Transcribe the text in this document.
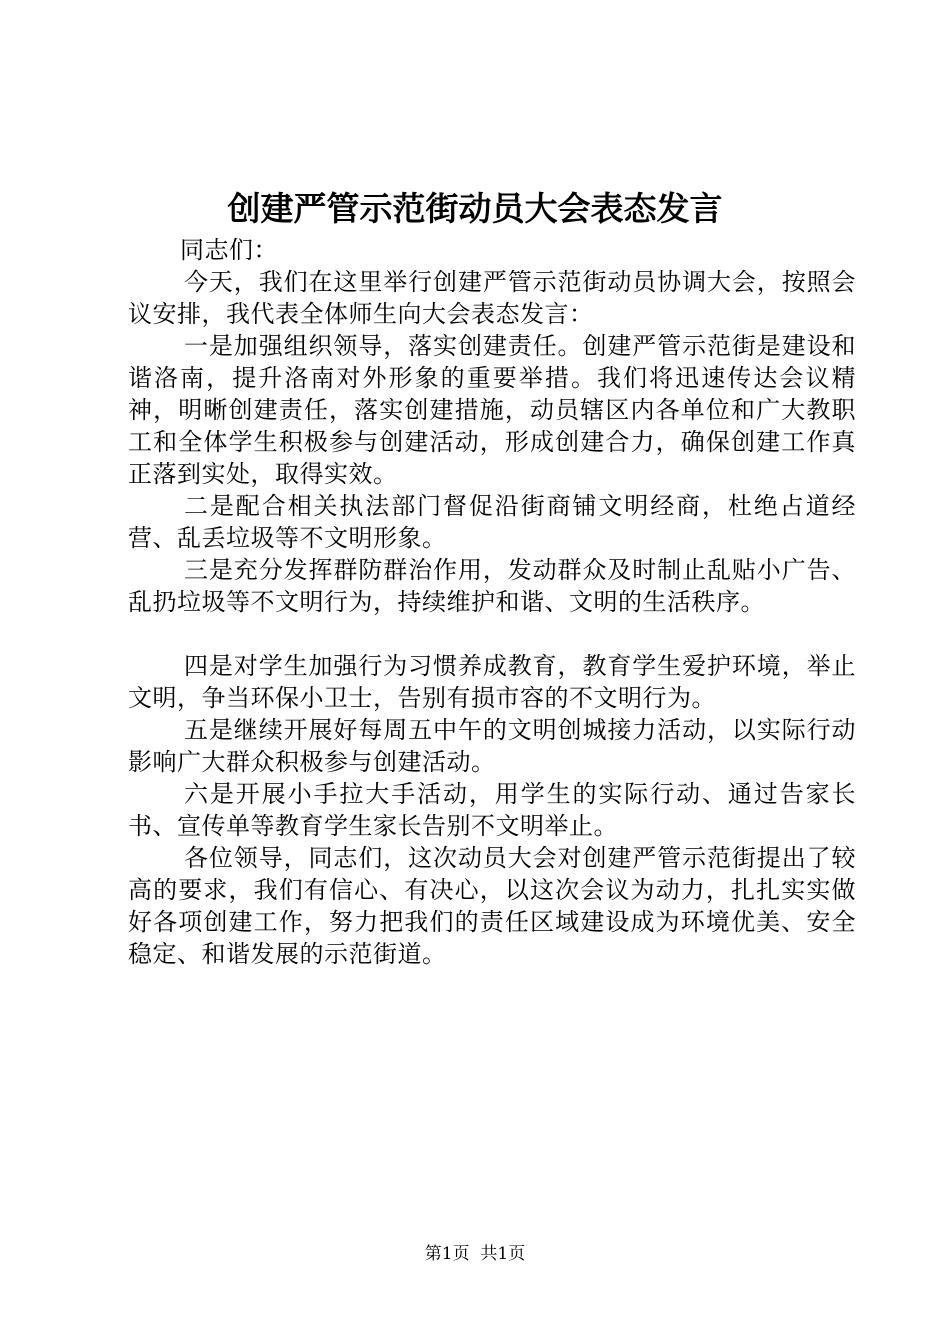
创建严管示范街动员大会表态发言

同志们：

今天，我们在这里举行创建严管示范街动员协调大会，按照会议安排，我代表全体师生向大会表态发言：

一是加强组织领导，落实创建责任。创建严管示范街是建设和谐洛南，提升洛南对外形象的重要举措。我们将迅速传达会议精神，明晰创建责任，落实创建措施，动员辖区内各单位和广大教职工和全体学生积极参与创建活动，形成创建合力，确保创建工作真正落到实处，取得实效。

二是配合相关执法部门督促沿街商铺文明经商，杜绝占道经营、乱丢垃圾等不文明形象。

三是充分发挥群防群治作用，发动群众及时制止乱贴小广告、乱扔垃圾等不文明行为，持续维护和谐、文明的生活秩序。

四是对学生加强行为习惯养成教育，教育学生爱护环境，举止文明，争当环保小卫士，告别有损市容的不文明行为。

五是继续开展好每周五中午的文明创城接力活动，以实际行动影响广大群众积极参与创建活动。

六是开展小手拉大手活动，用学生的实际行动、通过告家长书、宣传单等教育学生家长告别不文明举止。

各位领导，同志们，这次动员大会对创建严管示范街提出了较高的要求，我们有信心、有决心，以这次会议为动力，扎扎实实做好各项创建工作，努力把我们的责任区域建设成为环境优美、安全稳定、和谐发展的示范街道。

第1页  共1页
